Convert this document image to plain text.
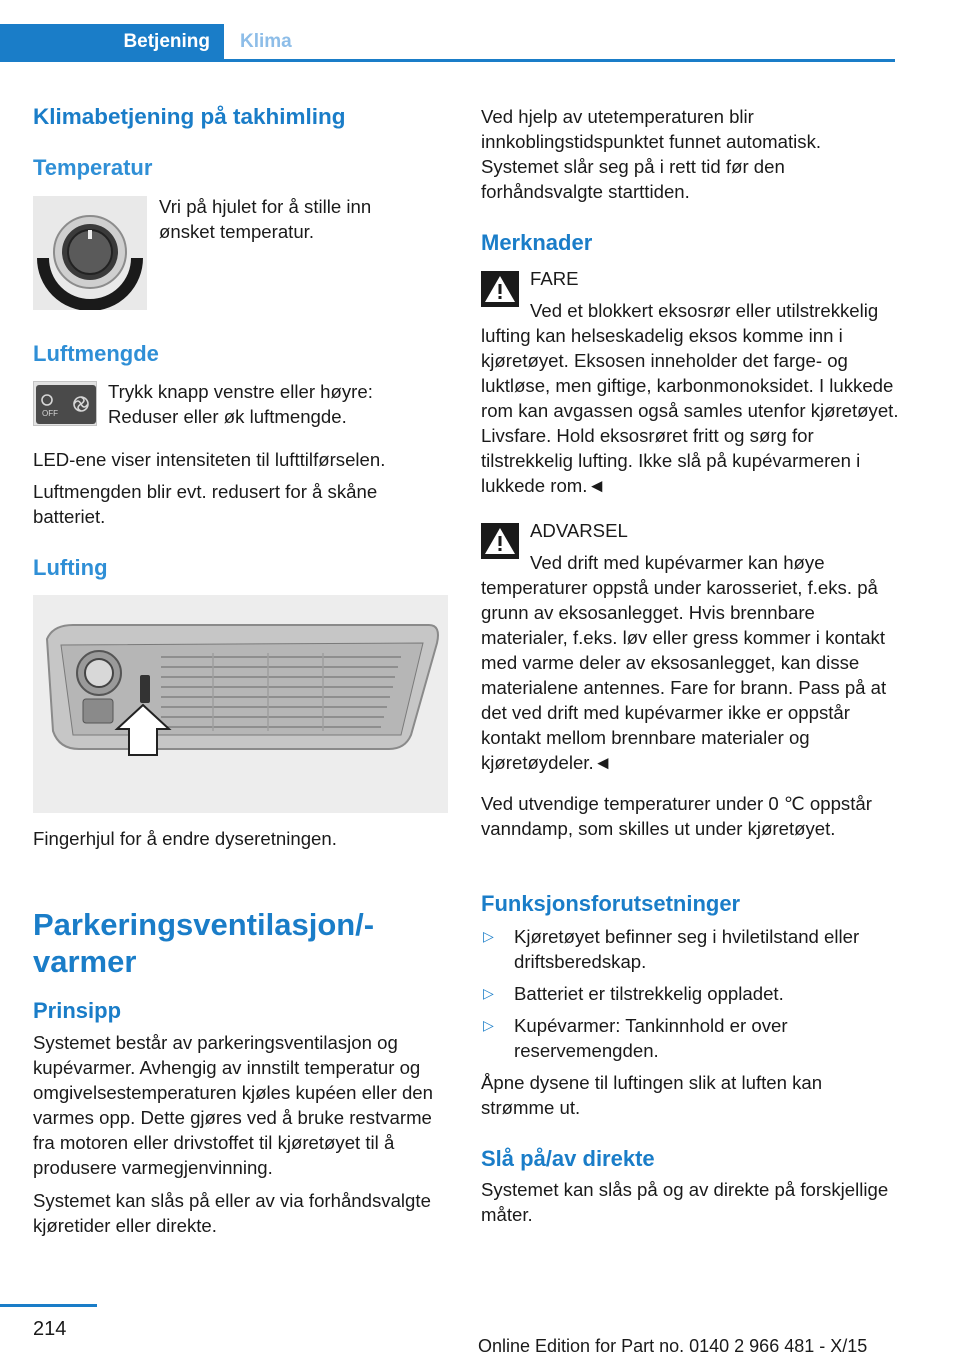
Betjening	Klima
Klimabetjening på takhimling
Temperatur
Vri på hjulet for å stille inn ønsket temperatur.
Luftmengde
OFF
Trykk knapp venstre eller høyre: Reduser eller øk luftmengde.
LED-ene viser intensiteten til lufttilførselen.
Luftmengden blir evt. redusert for å skåne batteriet.
Lufting
Fingerhjul for å endre dyseretningen.
Parkeringsventilasjon/-varmer
Prinsipp
Systemet består av parkeringsventilasjon og kupévarmer. Avhengig av innstilt temperatur og omgivelsestemperaturen kjøles kupéen eller den varmes opp. Dette gjøres ved å bruke restvarme fra motoren eller drivstoffet til kjøretøyet til å produsere varmegjenvinning.
Systemet kan slås på eller av via forhåndsvalgte kjøretider eller direkte.
Ved hjelp av utetemperaturen blir innkoblingstidspunktet funnet automatisk. Systemet slår seg på i rett tid før den forhåndsvalgte starttiden.
Merknader
FARE

Ved et blokkert eksosrør eller utilstrekkelig lufting kan helseskadelig eksos komme inn i kjøretøyet. Eksosen inneholder det farge- og luktløse, men giftige, karbonmonoksidet. I lukkede rom kan avgassen også samles utenfor kjøretøyet. Livsfare. Hold eksosrøret fritt og sørg for tilstrekkelig lufting. Ikke slå på kupévarmeren i lukkede rom.◄

ADVARSEL

Ved drift med kupévarmer kan høye temperaturer oppstå under karosseriet, f.eks. på grunn av eksosanlegget. Hvis brennbare materialer, f.eks. løv eller gress kommer i kontakt med varme deler av eksosanlegget, kan disse materialene antennes. Fare for brann. Pass på at det ved drift med kupévarmer ikke er oppstår kontakt mellom brennbare materialer og kjøretøydeler.◄

Ved utvendige temperaturer under 0 ℃ oppstår vanndamp, som skilles ut under kjøretøyet.
Funksjonsforutsetninger
▷ Kjøretøyet befinner seg i hviletilstand eller driftsberedskap.
▷ Batteriet er tilstrekkelig oppladet.
▷ Kupévarmer: Tankinnhold er over reservemengden.
Åpne dysene til luftingen slik at luften kan strømme ut.
Slå på/av direkte
Systemet kan slås på og av direkte på forskjellige måter.
214
Online Edition for Part no. 0140 2 966 481 - X/15
